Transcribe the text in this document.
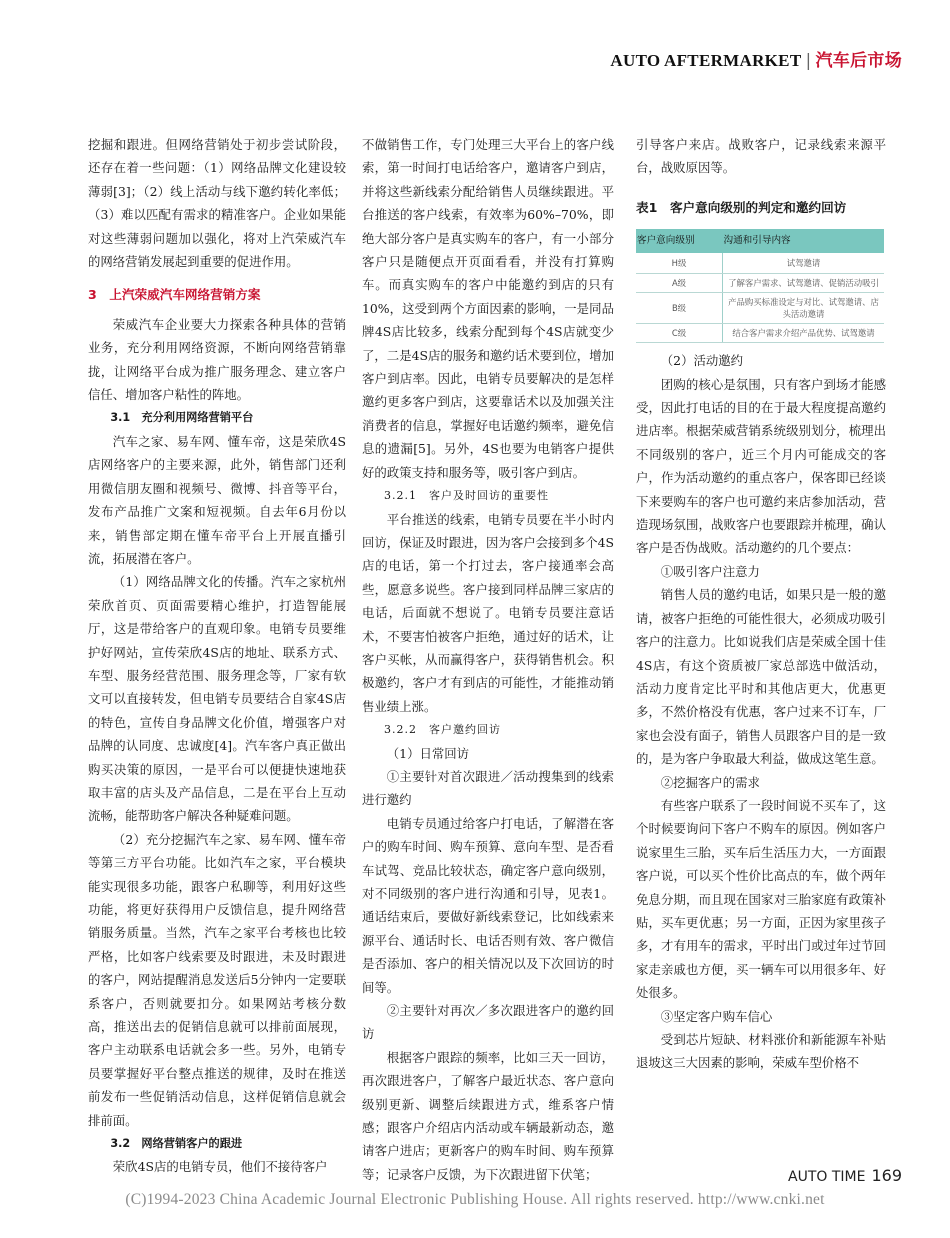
AUTO AFTERMARKET | 汽车后市场

挖掘和跟进。但网络营销处于初步尝试阶段，还存在着一些问题：（1）网络品牌文化建设较薄弱[3]；（2）线上活动与线下邀约转化率低；（3）难以匹配有需求的精准客户。企业如果能对这些薄弱问题加以强化，将对上汽荣威汽车的网络营销发展起到重要的促进作用。

3　上汽荣威汽车网络营销方案

荣威汽车企业要大力探索各种具体的营销业务，充分利用网络资源，不断向网络营销靠拢，让网络平台成为推广服务理念、建立客户信任、增加客户粘性的阵地。

3.1　充分利用网络营销平台

汽车之家、易车网、懂车帝，这是荣欣4S店网络客户的主要来源，此外，销售部门还利用微信朋友圈和视频号、微博、抖音等平台，发布产品推广文案和短视频。自去年6月份以来，销售部定期在懂车帝平台上开展直播引流，拓展潜在客户。

（1）网络品牌文化的传播。汽车之家杭州荣欣首页、页面需要精心维护，打造智能展厅，这是带给客户的直观印象。电销专员要维护好网站，宣传荣欣4S店的地址、联系方式、车型、服务经营范围、服务理念等，厂家有软文可以直接转发，但电销专员要结合自家4S店的特色，宣传自身品牌文化价值，增强客户对品牌的认同度、忠诚度[4]。汽车客户真正做出购买决策的原因，一是平台可以便捷快速地获取丰富的店头及产品信息，二是在平台上互动流畅，能帮助客户解决各种疑难问题。

（2）充分挖掘汽车之家、易车网、懂车帝等第三方平台功能。比如汽车之家，平台模块能实现很多功能，跟客户私聊等，利用好这些功能，将更好获得用户反馈信息，提升网络营销服务质量。当然，汽车之家平台考核也比较严格，比如客户线索要及时跟进，未及时跟进的客户，网站提醒消息发送后5分钟内一定要联系客户，否则就要扣分。如果网站考核分数高，推送出去的促销信息就可以排前面展现，客户主动联系电话就会多一些。另外，电销专员要掌握好平台整点推送的规律，及时在推送前发布一些促销活动信息，这样促销信息就会排前面。

3.2　网络营销客户的跟进

荣欣4S店的电销专员，他们不接待客户

不做销售工作，专门处理三大平台上的客户线索，第一时间打电话给客户，邀请客户到店，并将这些新线索分配给销售人员继续跟进。平台推送的客户线索，有效率为60%–70%，即绝大部分客户是真实购车的客户，有一小部分客户只是随便点开页面看看，并没有打算购车。而真实购车的客户中能邀约到店的只有10%，这受到两个方面因素的影响，一是同品牌4S店比较多，线索分配到每个4S店就变少了，二是4S店的服务和邀约话术要到位，增加客户到店率。因此，电销专员要解决的是怎样邀约更多客户到店，这要靠话术以及加强关注消费者的信息，掌握好电话邀约频率，避免信息的遗漏[5]。另外，4S也要为电销客户提供好的政策支持和服务等，吸引客户到店。

3.2.1　客户及时回访的重要性

平台推送的线索，电销专员要在半小时内回访，保证及时跟进，因为客户会接到多个4S店的电话，第一个打过去，客户接通率会高些，愿意多说些。客户接到同样品牌三家店的电话，后面就不想说了。电销专员要注意话术，不要害怕被客户拒绝，通过好的话术，让客户买帐，从而赢得客户，获得销售机会。积极邀约，客户才有到店的可能性，才能推动销售业绩上涨。

3.2.2　客户邀约回访

（1）日常回访

①主要针对首次跟进／活动搜集到的线索进行邀约

电销专员通过给客户打电话，了解潜在客户的购车时间、购车预算、意向车型、是否看车试驾、竞品比较状态，确定客户意向级别，对不同级别的客户进行沟通和引导，见表1。通话结束后，要做好新线索登记，比如线索来源平台、通话时长、电话否则有效、客户微信是否添加、客户的相关情况以及下次回访的时间等。

②主要针对再次／多次跟进客户的邀约回访

根据客户跟踪的频率，比如三天一回访，再次跟进客户，了解客户最近状态、客户意向级别更新、调整后续跟进方式，维系客户情感；跟客户介绍店内活动或车辆最新动态，邀请客户进店；更新客户的购车时间、购车预算等；记录客户反馈，为下次跟进留下伏笔；

引导客户来店。战败客户，记录线索来源平台，战败原因等。

表1　客户意向级别的判定和邀约回访
客户意向级别	沟通和引导内容
H级	试驾邀请
A级	了解客户需求、试驾邀请、促销活动吸引
B级	产品购买标准设定与对比、试驾邀请、店头活动邀请
C级	结合客户需求介绍产品优势、试驾邀请

（2）活动邀约

团购的核心是氛围，只有客户到场才能感受，因此打电话的目的在于最大程度提高邀约进店率。根据荣威营销系统级别划分，梳理出不同级别的客户，近三个月内可能成交的客户，作为活动邀约的重点客户，保客即已经谈下来要购车的客户也可邀约来店参加活动，营造现场氛围，战败客户也要跟踪并梳理，确认客户是否伪战败。活动邀约的几个要点：

①吸引客户注意力

销售人员的邀约电话，如果只是一般的邀请，被客户拒绝的可能性很大，必须成功吸引客户的注意力。比如说我们店是荣威全国十佳4S店，有这个资质被厂家总部选中做活动，活动力度肯定比平时和其他店更大，优惠更多，不然价格没有优惠，客户过来不订车，厂家也会没有面子，销售人员跟客户目的是一致的，是为客户争取最大利益，做成这笔生意。

②挖掘客户的需求

有些客户联系了一段时间说不买车了，这个时候要询问下客户不购车的原因。例如客户说家里生三胎，买车后生活压力大，一方面跟客户说，可以买个性价比高点的车，做个两年免息分期，而且现在国家对三胎家庭有政策补贴，买车更优惠；另一方面，正因为家里孩子多，才有用车的需求，平时出门或过年过节回家走亲戚也方便，买一辆车可以用很多年、好处很多。

③坚定客户购车信心

受到芯片短缺、材料涨价和新能源车补贴退坡这三大因素的影响，荣威车型价格不

AUTO TIME 169
(C)1994-2023 China Academic Journal Electronic Publishing House. All rights reserved. http://www.cnki.net
